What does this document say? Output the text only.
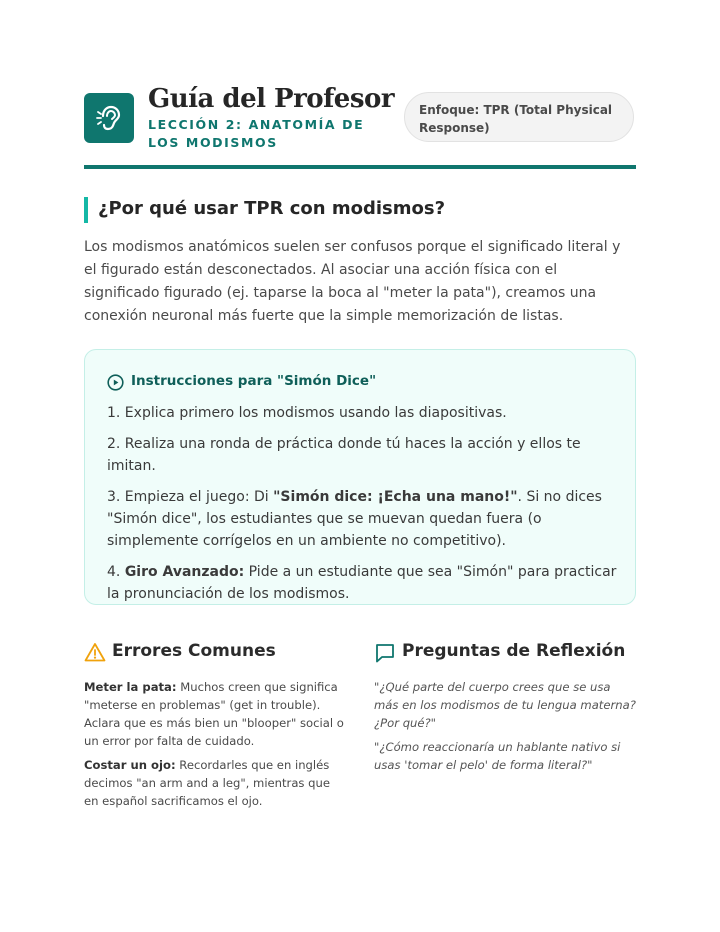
Guía del Profesor
LECCIÓN 2: ANATOMÍA DE LOS MODISMOS
Enfoque: TPR (Total Physical Response)
¿Por qué usar TPR con modismos?
Los modismos anatómicos suelen ser confusos porque el significado literal y el figurado están desconectados. Al asociar una acción física con el significado figurado (ej. taparse la boca al "meter la pata"), creamos una conexión neuronal más fuerte que la simple memorización de listas.
Instrucciones para "Simón Dice"
1. Explica primero los modismos usando las diapositivas.
2. Realiza una ronda de práctica donde tú haces la acción y ellos te imitan.
3. Empieza el juego: Di "Simón dice: ¡Echa una mano!". Si no dices "Simón dice", los estudiantes que se muevan quedan fuera (o simplemente corrígelos en un ambiente no competitivo).
4. Giro Avanzado: Pide a un estudiante que sea "Simón" para practicar la pronunciación de los modismos.
Errores Comunes

Meter la pata: Muchos creen que significa "meterse en problemas" (get in trouble). Aclara que es más bien un "blooper" social o un error por falta de cuidado.

Costar un ojo: Recordarles que en inglés decimos "an arm and a leg", mientras que en español sacrificamos el ojo.

Preguntas de Reflexión

"¿Qué parte del cuerpo crees que se usa más en los modismos de tu lengua materna? ¿Por qué?"

"¿Cómo reaccionaría un hablante nativo si usas 'tomar el pelo' de forma literal?"
